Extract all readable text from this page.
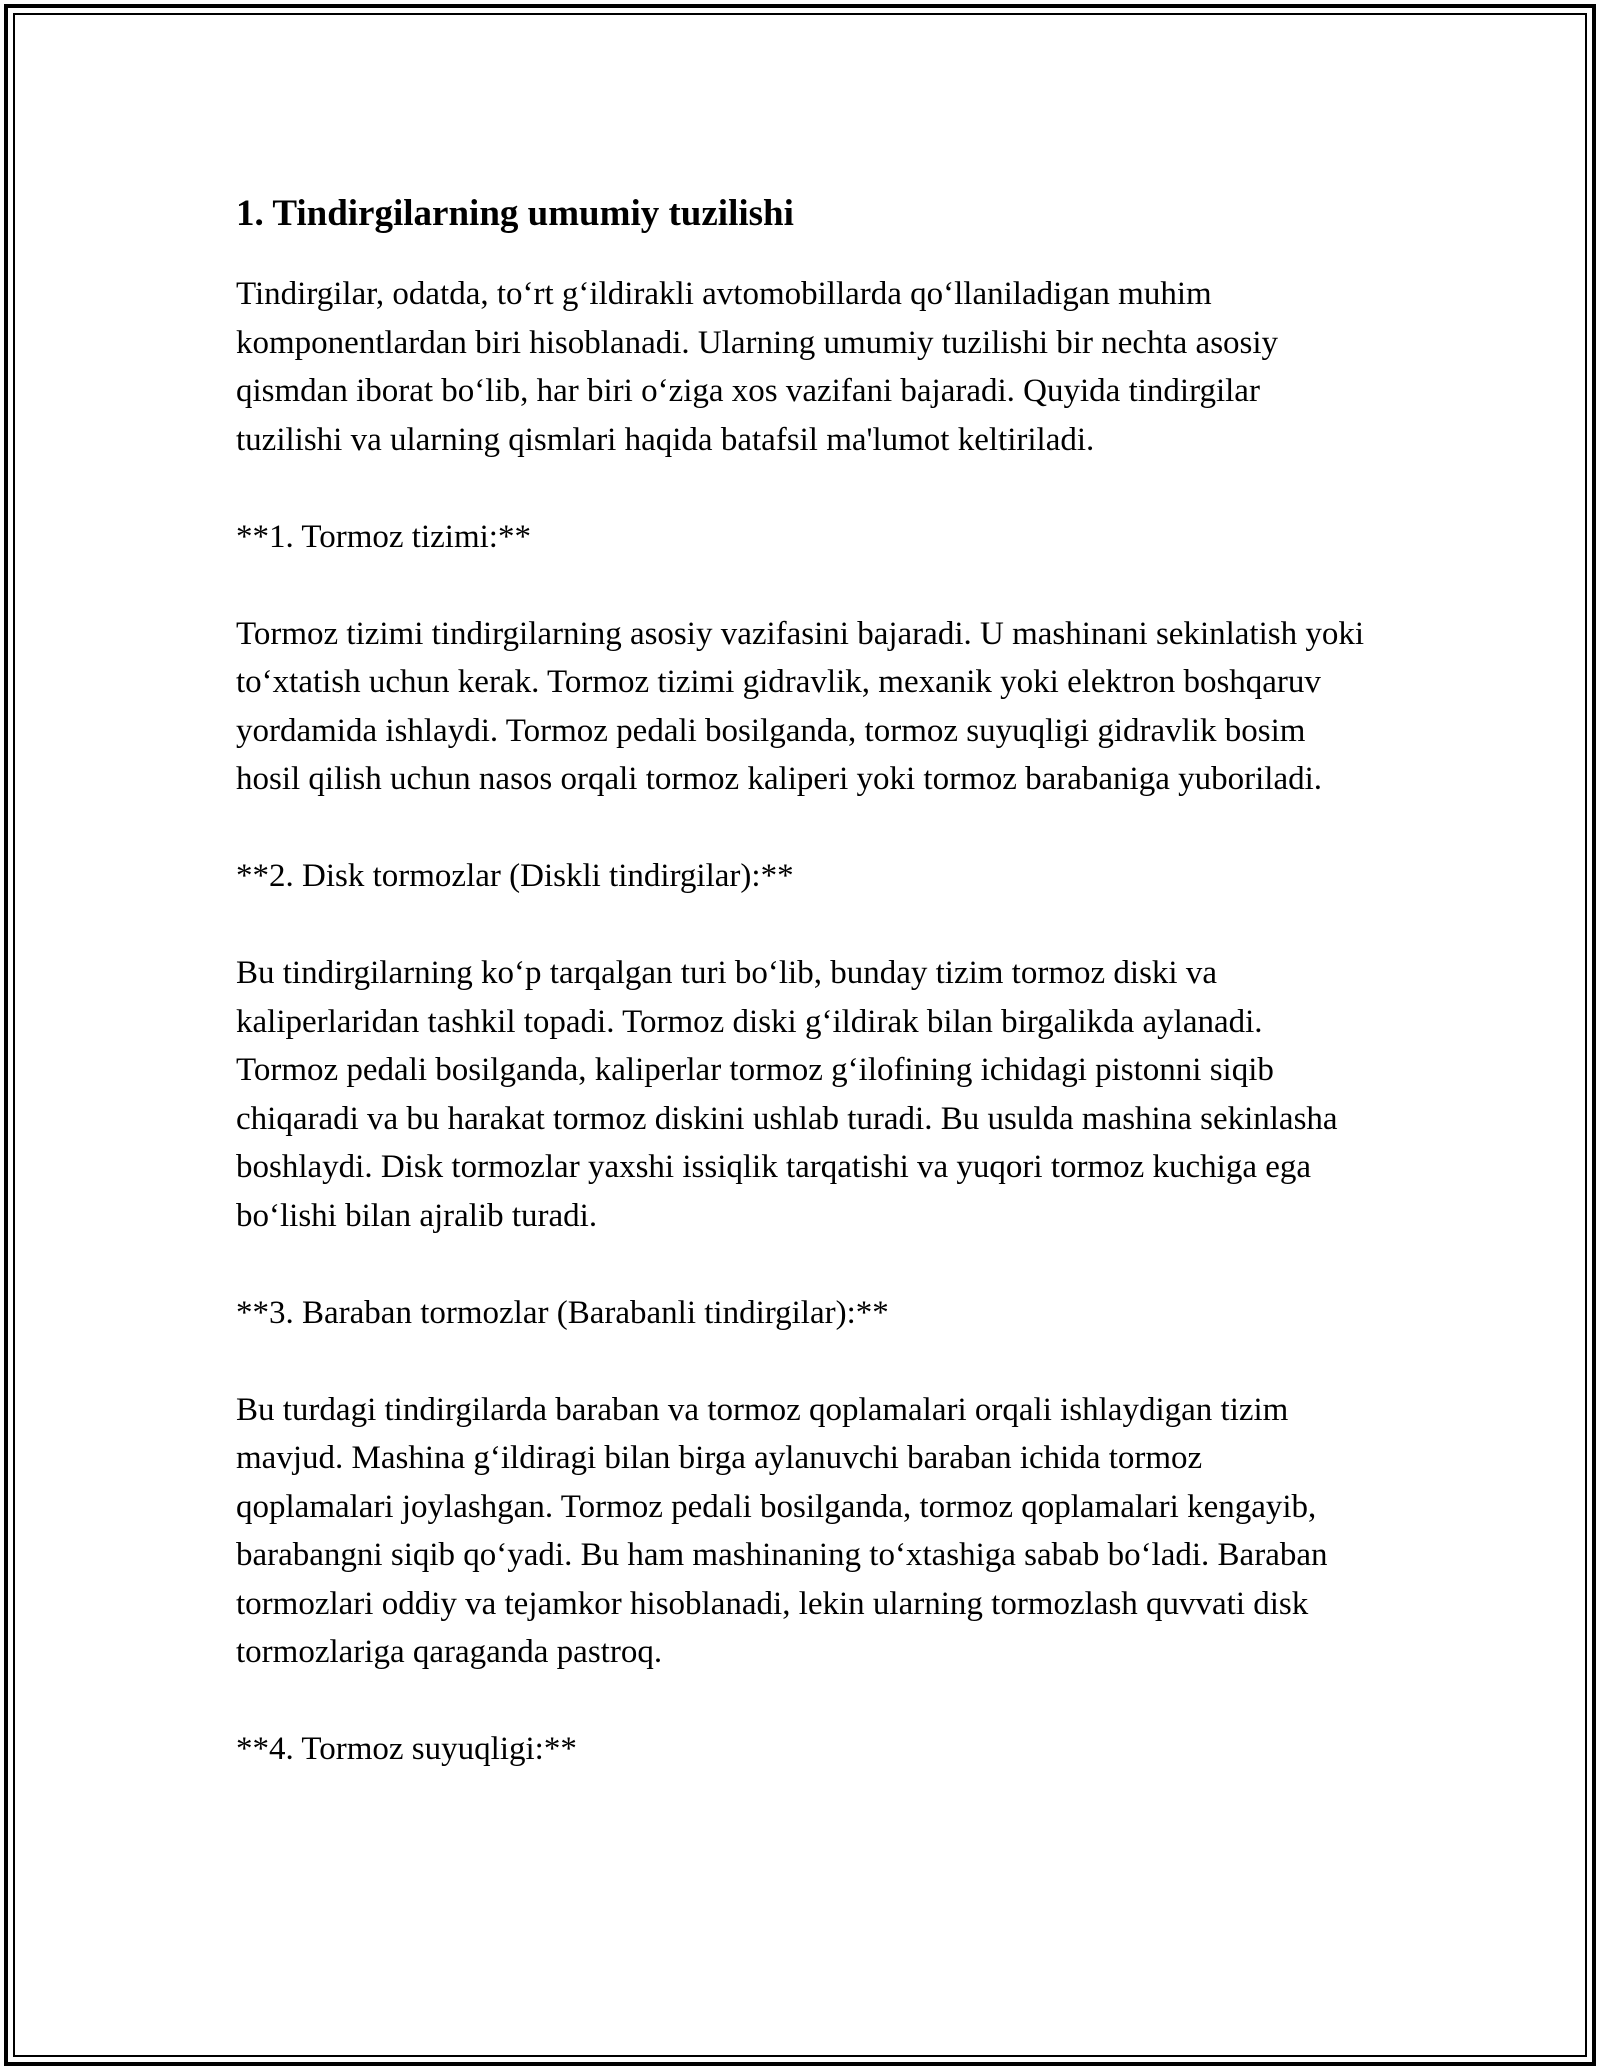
1. Tindirgilarning umumiy tuzilishi

Tindirgilar, odatda, to‘rt g‘ildirakli avtomobillarda qo‘llaniladigan muhim komponentlardan biri hisoblanadi. Ularning umumiy tuzilishi bir nechta asosiy qismdan iborat bo‘lib, har biri o‘ziga xos vazifani bajaradi. Quyida tindirgilar tuzilishi va ularning qismlari haqida batafsil ma'lumot keltiriladi.

**1. Tormoz tizimi:**

Tormoz tizimi tindirgilarning asosiy vazifasini bajaradi. U mashinani sekinlatish yoki to‘xtatish uchun kerak. Tormoz tizimi gidravlik, mexanik yoki elektron boshqaruv yordamida ishlaydi. Tormoz pedali bosilganda, tormoz suyuqligi gidravlik bosim hosil qilish uchun nasos orqali tormoz kaliperi yoki tormoz barabaniga yuboriladi.

**2. Disk tormozlar (Diskli tindirgilar):**

Bu tindirgilarning ko‘p tarqalgan turi bo‘lib, bunday tizim tormoz diski va kaliperlaridan tashkil topadi. Tormoz diski g‘ildirak bilan birgalikda aylanadi. Tormoz pedali bosilganda, kaliperlar tormoz g‘ilofining ichidagi pistonni siqib chiqaradi va bu harakat tormoz diskini ushlab turadi. Bu usulda mashina sekinlasha boshlaydi. Disk tormozlar yaxshi issiqlik tarqatishi va yuqori tormoz kuchiga ega bo‘lishi bilan ajralib turadi.

**3. Baraban tormozlar (Barabanli tindirgilar):**

Bu turdagi tindirgilarda baraban va tormoz qoplamalari orqali ishlaydigan tizim mavjud. Mashina g‘ildiragi bilan birga aylanuvchi baraban ichida tormoz qoplamalari joylashgan. Tormoz pedali bosilganda, tormoz qoplamalari kengayib, barabangni siqib qo‘yadi. Bu ham mashinaning to‘xtashiga sabab bo‘ladi. Baraban tormozlari oddiy va tejamkor hisoblanadi, lekin ularning tormozlash quvvati disk tormozlariga qaraganda pastroq.

**4. Tormoz suyuqligi:**
